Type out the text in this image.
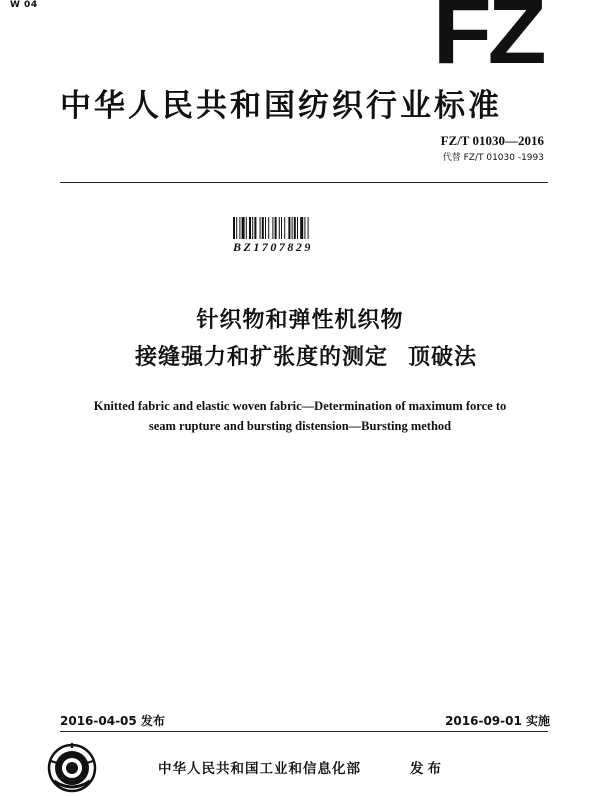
W 04	FZ
中华人民共和国纺织行业标准
FZ/T 01030—2016
代替 FZ/T 01030 -1993
BZ1707829
针织物和弹性机织物
接缝强力和扩张度的测定 顶破法
Knitted fabric and elastic woven fabric—Determination of maximum force to
seam rupture and bursting distension—Bursting method
2016-04-05 发布	2016-09-01 实施
中华人民共和国工业和信息化部	发布
